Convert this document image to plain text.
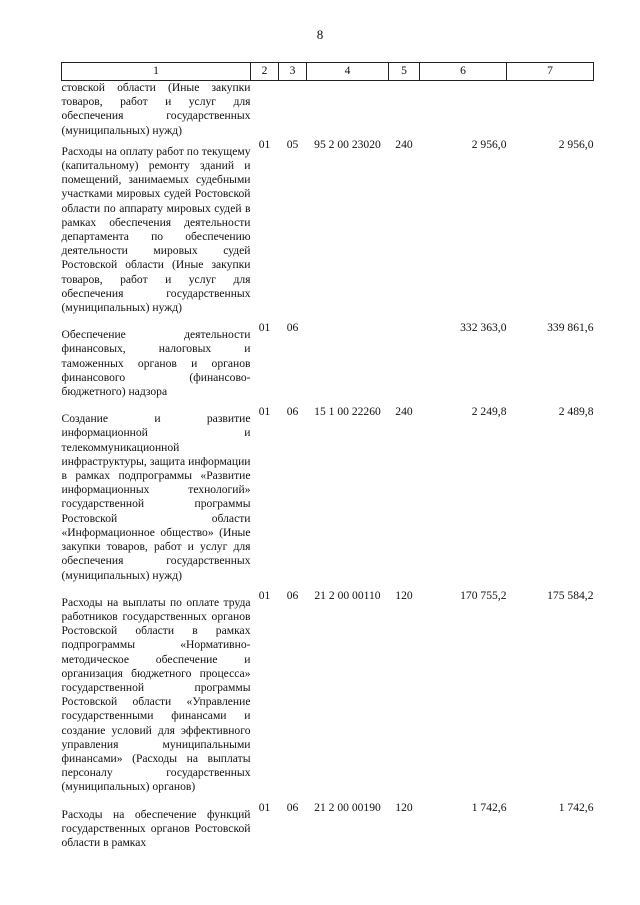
8
1	2	3	4	5	6	7
стовской области (Иные закупки товаров, работ и услуг для обеспечения государственных (муниципальных) нужд)						
Расходы на оплату работ по текущему (капитальному) ремонту зданий и помещений, занимаемых судебными участками мировых судей Ростовской области по аппарату мировых судей в рамках обеспечения деятельности департамента по обеспечению деятельности мировых судей Ростовской области (Иные закупки товаров, работ и услуг для обеспечения государственных (муниципальных) нужд)	01	05	95 2 00 23020	240	2 956,0	2 956,0
Обеспечение деятельности финансовых, налоговых и таможенных органов и органов финансового (финансово-бюджетного) надзора	01	06			332 363,0	339 861,6
Создание и развитие информационной и телекоммуникационной инфраструктуры, защита информации в рамках подпрограммы «Развитие информационных технологий» государственной программы Ростовской области «Информационное общество» (Иные закупки товаров, работ и услуг для обеспечения государственных (муниципальных) нужд)	01	06	15 1 00 22260	240	2 249,8	2 489,8
Расходы на выплаты по оплате труда работников государственных органов Ростовской области в рамках подпрограммы «Нормативно-методическое обеспечение и организация бюджетного процесса» государственной программы Ростовской области «Управление государственными финансами и создание условий для эффективного управления муниципальными финансами» (Расходы на выплаты персоналу государственных (муниципальных) органов)	01	06	21 2 00 00110	120	170 755,2	175 584,2
Расходы на обеспечение функций государственных органов Ростовской области в рамках	01	06	21 2 00 00190	120	1 742,6	1 742,6
